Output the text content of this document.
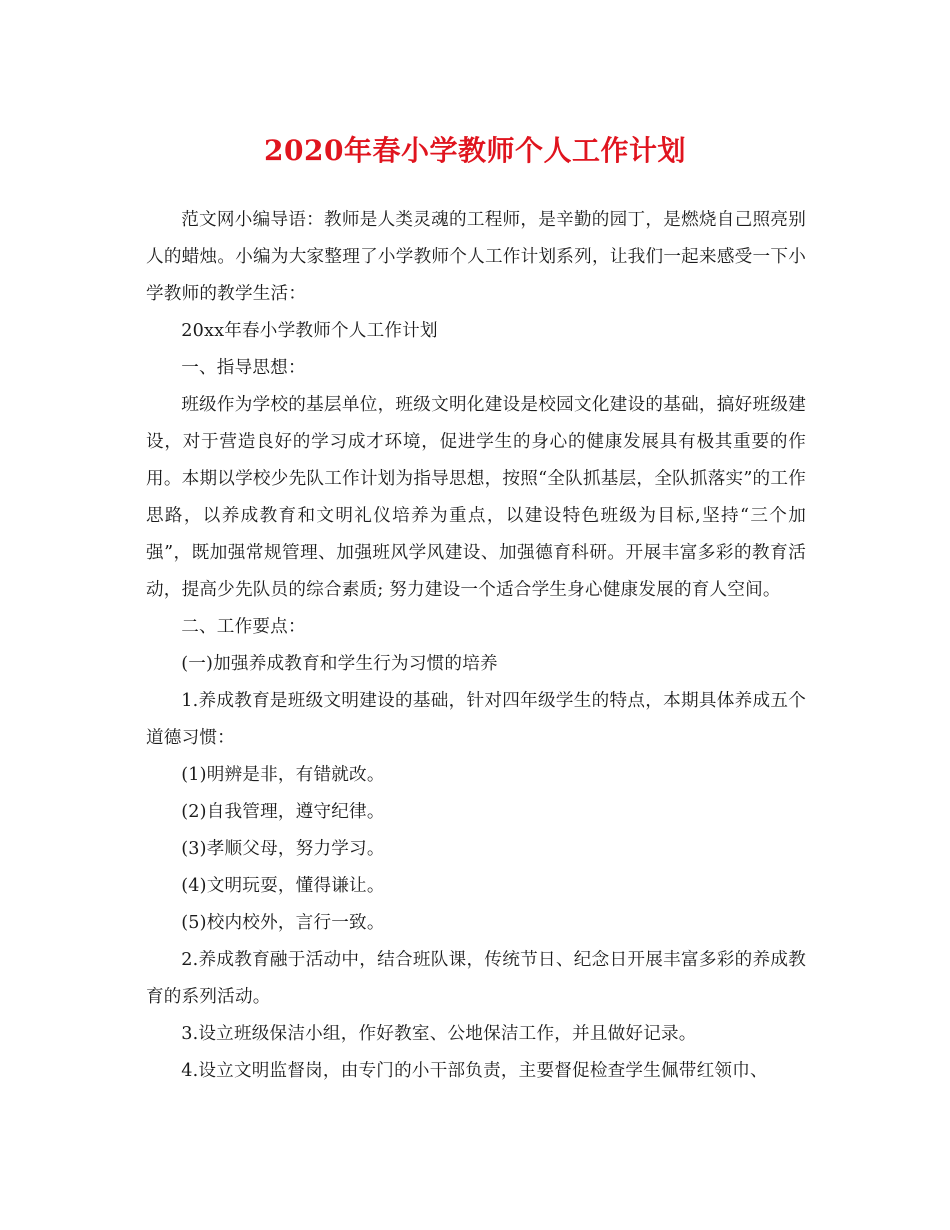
2020年春小学教师个人工作计划

范文网小编导语：教师是人类灵魂的工程师，是辛勤的园丁，是燃烧自己照亮别人的蜡烛。小编为大家整理了小学教师个人工作计划系列，让我们一起来感受一下小学教师的教学生活：

20xx年春小学教师个人工作计划

一、指导思想：

班级作为学校的基层单位，班级文明化建设是校园文化建设的基础，搞好班级建设，对于营造良好的学习成才环境，促进学生的身心的健康发展具有极其重要的作用。本期以学校少先队工作计划为指导思想，按照“全队抓基层，全队抓落实”的工作思路，以养成教育和文明礼仪培养为重点，以建设特色班级为目标,坚持“三个加强”，既加强常规管理、加强班风学风建设、加强德育科研。开展丰富多彩的教育活动，提高少先队员的综合素质; 努力建设一个适合学生身心健康发展的育人空间。

二、工作要点：

(一)加强养成教育和学生行为习惯的培养

1.养成教育是班级文明建设的基础，针对四年级学生的特点，本期具体养成五个道德习惯：

(1)明辨是非，有错就改。

(2)自我管理，遵守纪律。

(3)孝顺父母，努力学习。

(4)文明玩耍，懂得谦让。

(5)校内校外，言行一致。

2.养成教育融于活动中，结合班队课，传统节日、纪念日开展丰富多彩的养成教育的系列活动。

3.设立班级保洁小组，作好教室、公地保洁工作，并且做好记录。

4.设立文明监督岗，由专门的小干部负责，主要督促检查学生佩带红领巾、
